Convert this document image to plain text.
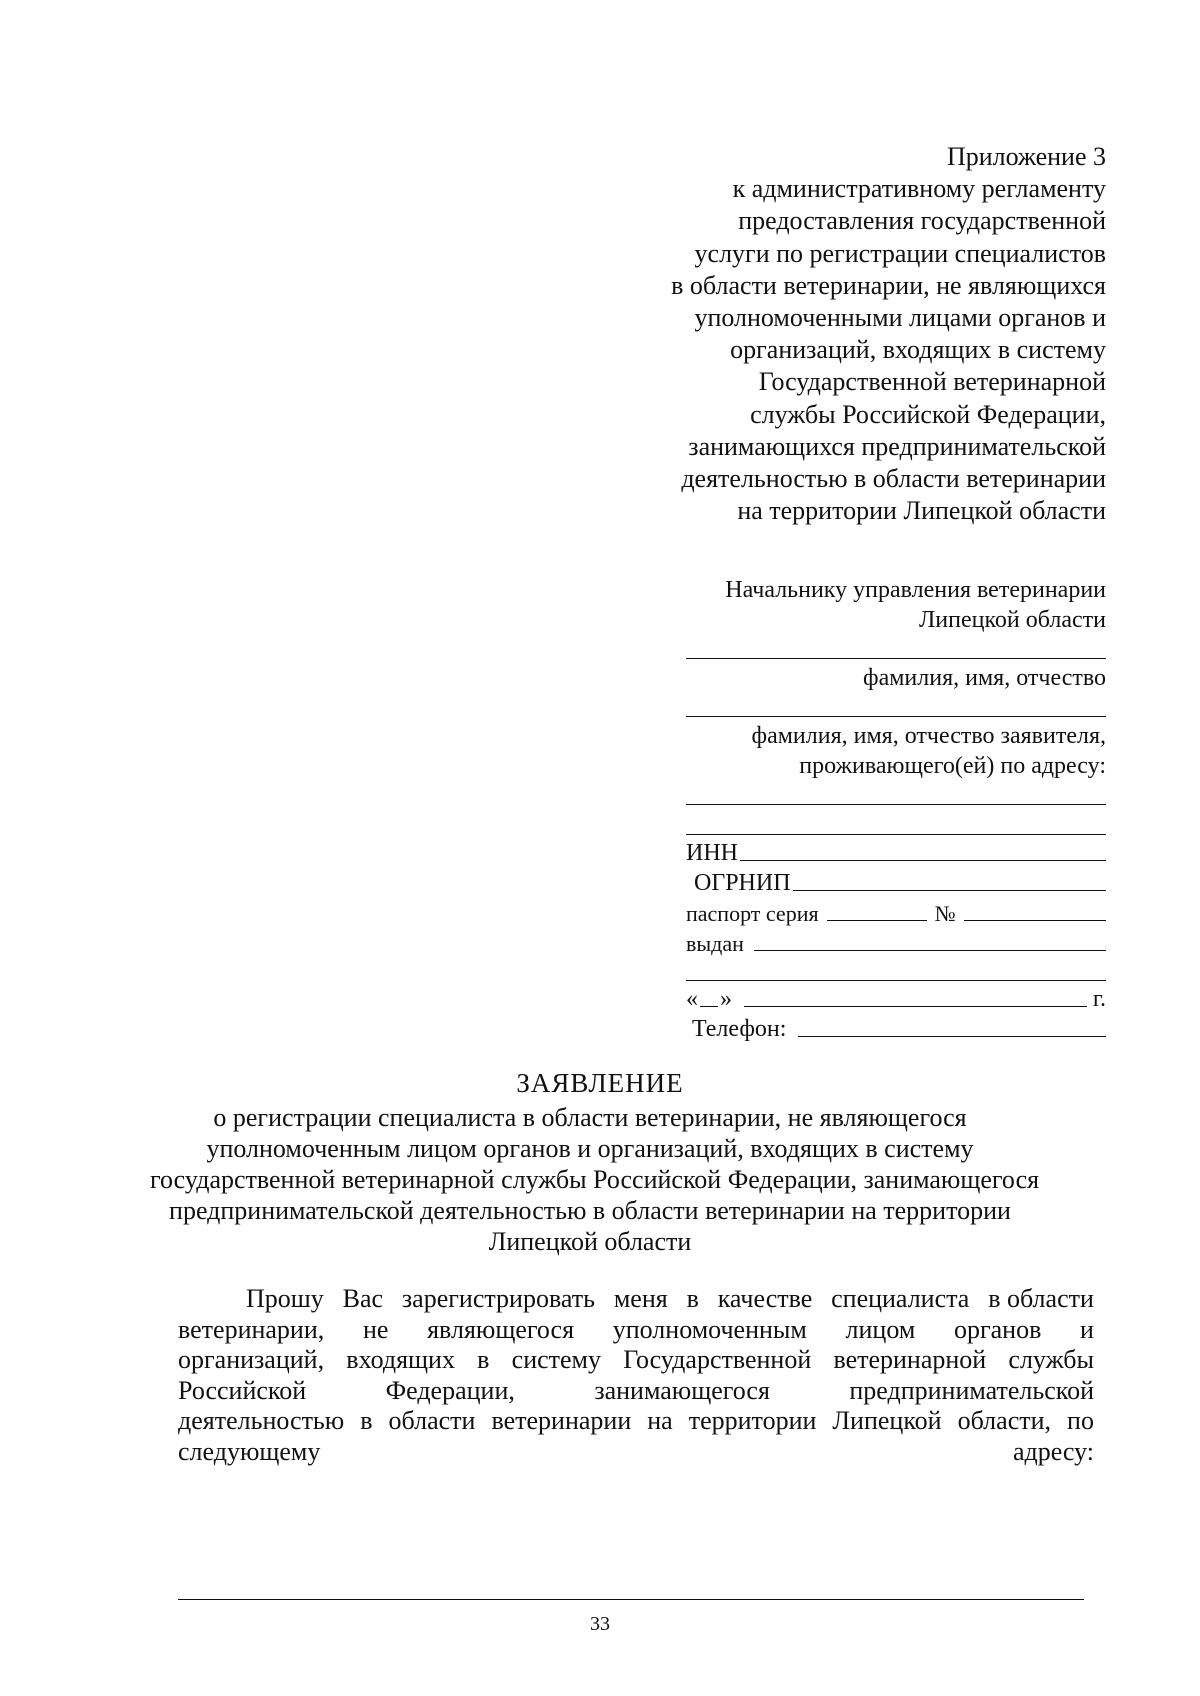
Приложение 3
к административному регламенту
предоставления государственной
услуги по регистрации специалистов
в области ветеринарии, не являющихся
уполномоченными лицами органов и
организаций, входящих в систему
Государственной ветеринарной
службы Российской Федерации,
занимающихся предпринимательской
деятельностью в области ветеринарии
на территории Липецкой области
Начальнику управления ветеринарии
Липецкой области
фамилия, имя, отчество
фамилия, имя, отчество заявителя,
проживающего(ей) по адресу:
ИНН
ОГРНИП
паспорт серия	№
выдан
« »	г.
Телефон:
ЗАЯВЛЕНИЕ
о регистрации специалиста в области ветеринарии, не являющегося
уполномоченным лицом органов и организаций, входящих в систему
государственной ветеринарной службы Российской Федерации, занимающегося
предпринимательской деятельностью в области ветеринарии на территории
Липецкой области
Прошу Вас зарегистрировать меня в качестве специалиста в области
ветеринарии, не являющегося уполномоченным лицом органов и
организаций, входящих в систему Государственной ветеринарной службы
Российской	Федерации,	занимающегося	предпринимательской
деятельностью в области ветеринарии на территории Липецкой области, по
следующему	адресу:
33
